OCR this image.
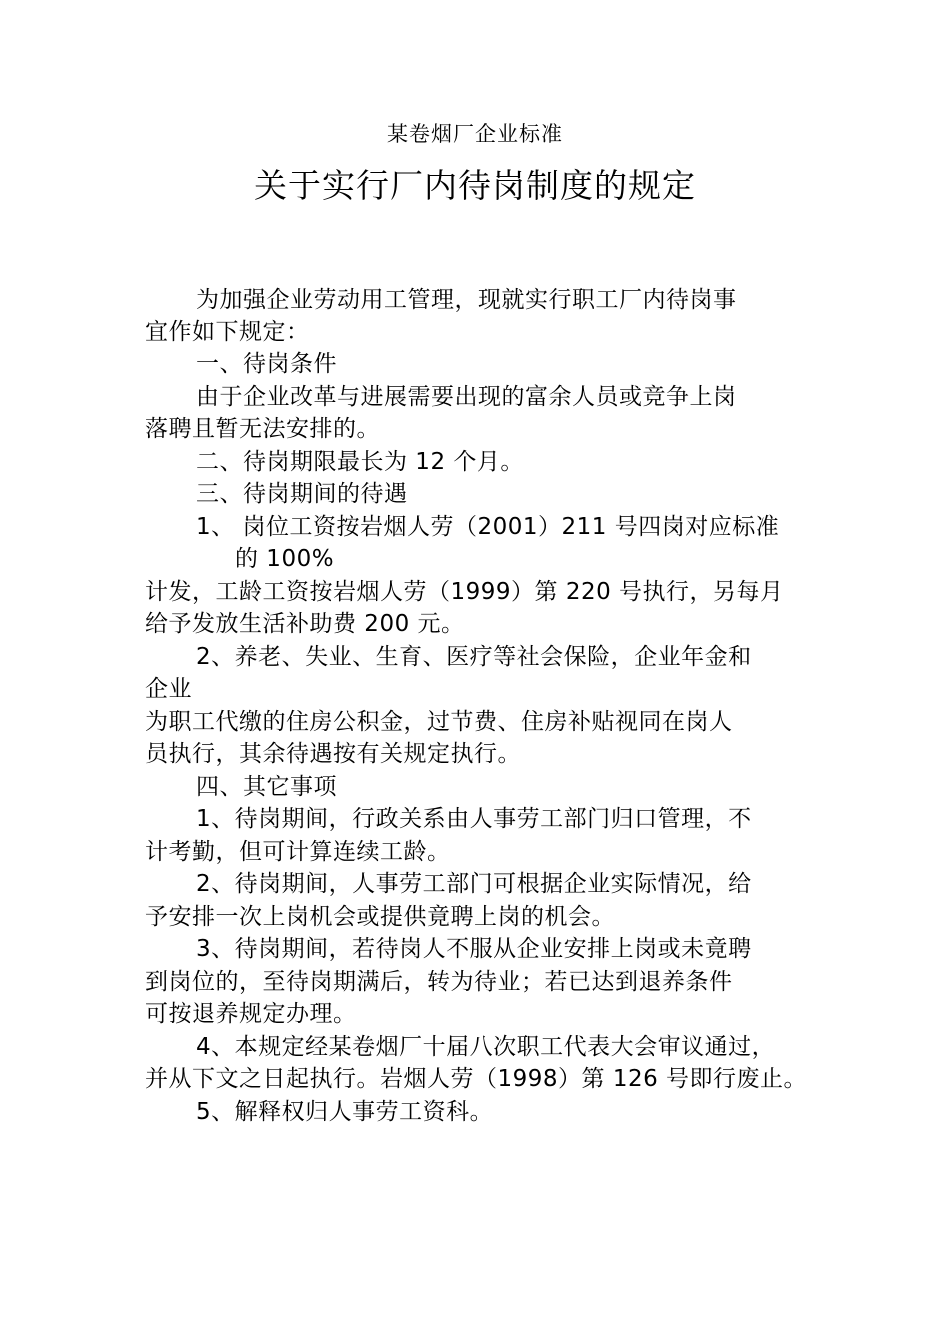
某卷烟厂企业标准
关于实行厂内待岗制度的规定
为加强企业劳动用工管理，现就实行职工厂内待岗事
宜作如下规定：
一、待岗条件
由于企业改革与进展需要出现的富余人员或竞争上岗
落聘且暂无法安排的。
二、待岗期限最长为 12 个月。
三、待岗期间的待遇
1、 岗位工资按岩烟人劳（2001）211 号四岗对应标准
的 100%
计发，工龄工资按岩烟人劳（1999）第 220 号执行，另每月
给予发放生活补助费 200 元。
2、养老、失业、生育、医疗等社会保险，企业年金和
企业
为职工代缴的住房公积金，过节费、住房补贴视同在岗人
员执行，其余待遇按有关规定执行。
四、其它事项
1、待岗期间，行政关系由人事劳工部门归口管理，不
计考勤，但可计算连续工龄。
2、待岗期间，人事劳工部门可根据企业实际情况，给
予安排一次上岗机会或提供竟聘上岗的机会。
3、待岗期间，若待岗人不服从企业安排上岗或未竟聘
到岗位的，至待岗期满后，转为待业；若已达到退养条件
可按退养规定办理。
4、本规定经某卷烟厂十届八次职工代表大会审议通过，
并从下文之日起执行。岩烟人劳（1998）第 126 号即行废止。
5、解释权归人事劳工资科。
